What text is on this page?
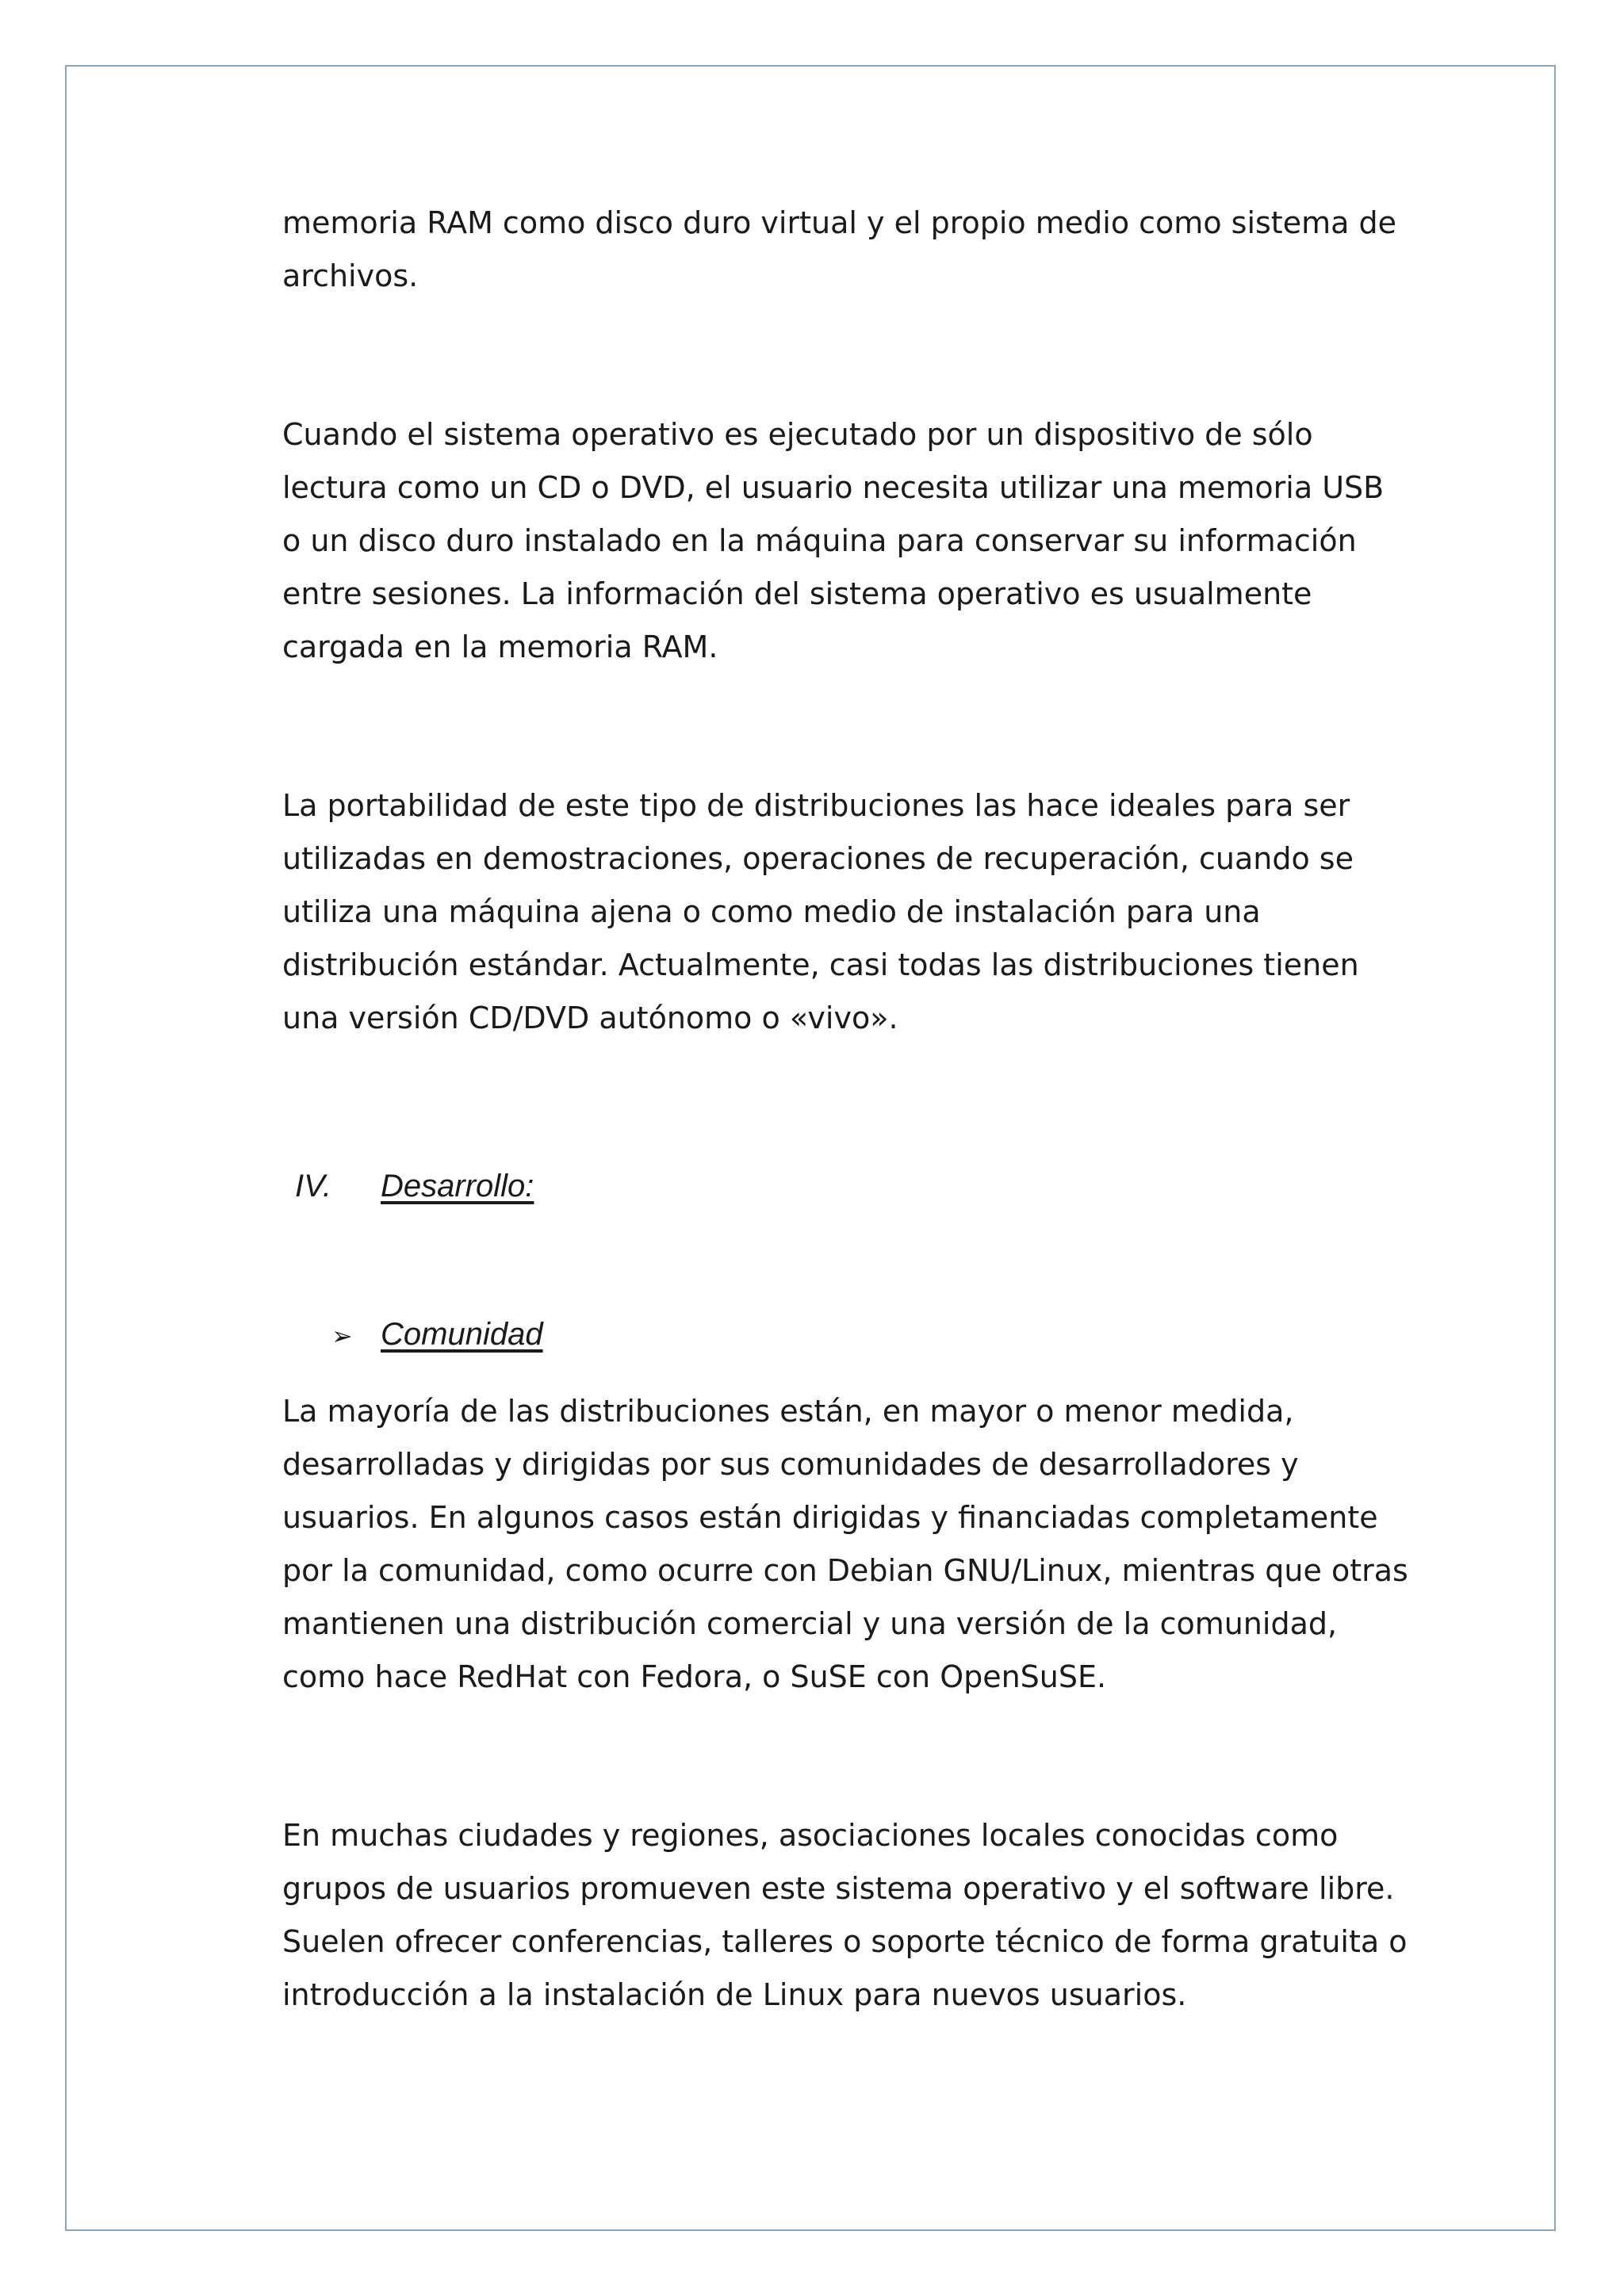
memoria RAM como disco duro virtual y el propio medio como sistema de archivos.

Cuando el sistema operativo es ejecutado por un dispositivo de sólo lectura como un CD o DVD, el usuario necesita utilizar una memoria USB o un disco duro instalado en la máquina para conservar su información entre sesiones. La información del sistema operativo es usualmente cargada en la memoria RAM.

La portabilidad de este tipo de distribuciones las hace ideales para ser utilizadas en demostraciones, operaciones de recuperación, cuando se utiliza una máquina ajena o como medio de instalación para una distribución estándar. Actualmente, casi todas las distribuciones tienen una versión CD/DVD autónomo o «vivo».

IV.	Desarrollo:
➢ Comunidad

La mayoría de las distribuciones están, en mayor o menor medida, desarrolladas y dirigidas por sus comunidades de desarrolladores y usuarios. En algunos casos están dirigidas y financiadas completamente por la comunidad, como ocurre con Debian GNU/Linux, mientras que otras mantienen una distribución comercial y una versión de la comunidad, como hace RedHat con Fedora, o SuSE con OpenSuSE.

En muchas ciudades y regiones, asociaciones locales conocidas como grupos de usuarios promueven este sistema operativo y el software libre. Suelen ofrecer conferencias, talleres o soporte técnico de forma gratuita o introducción a la instalación de Linux para nuevos usuarios.
